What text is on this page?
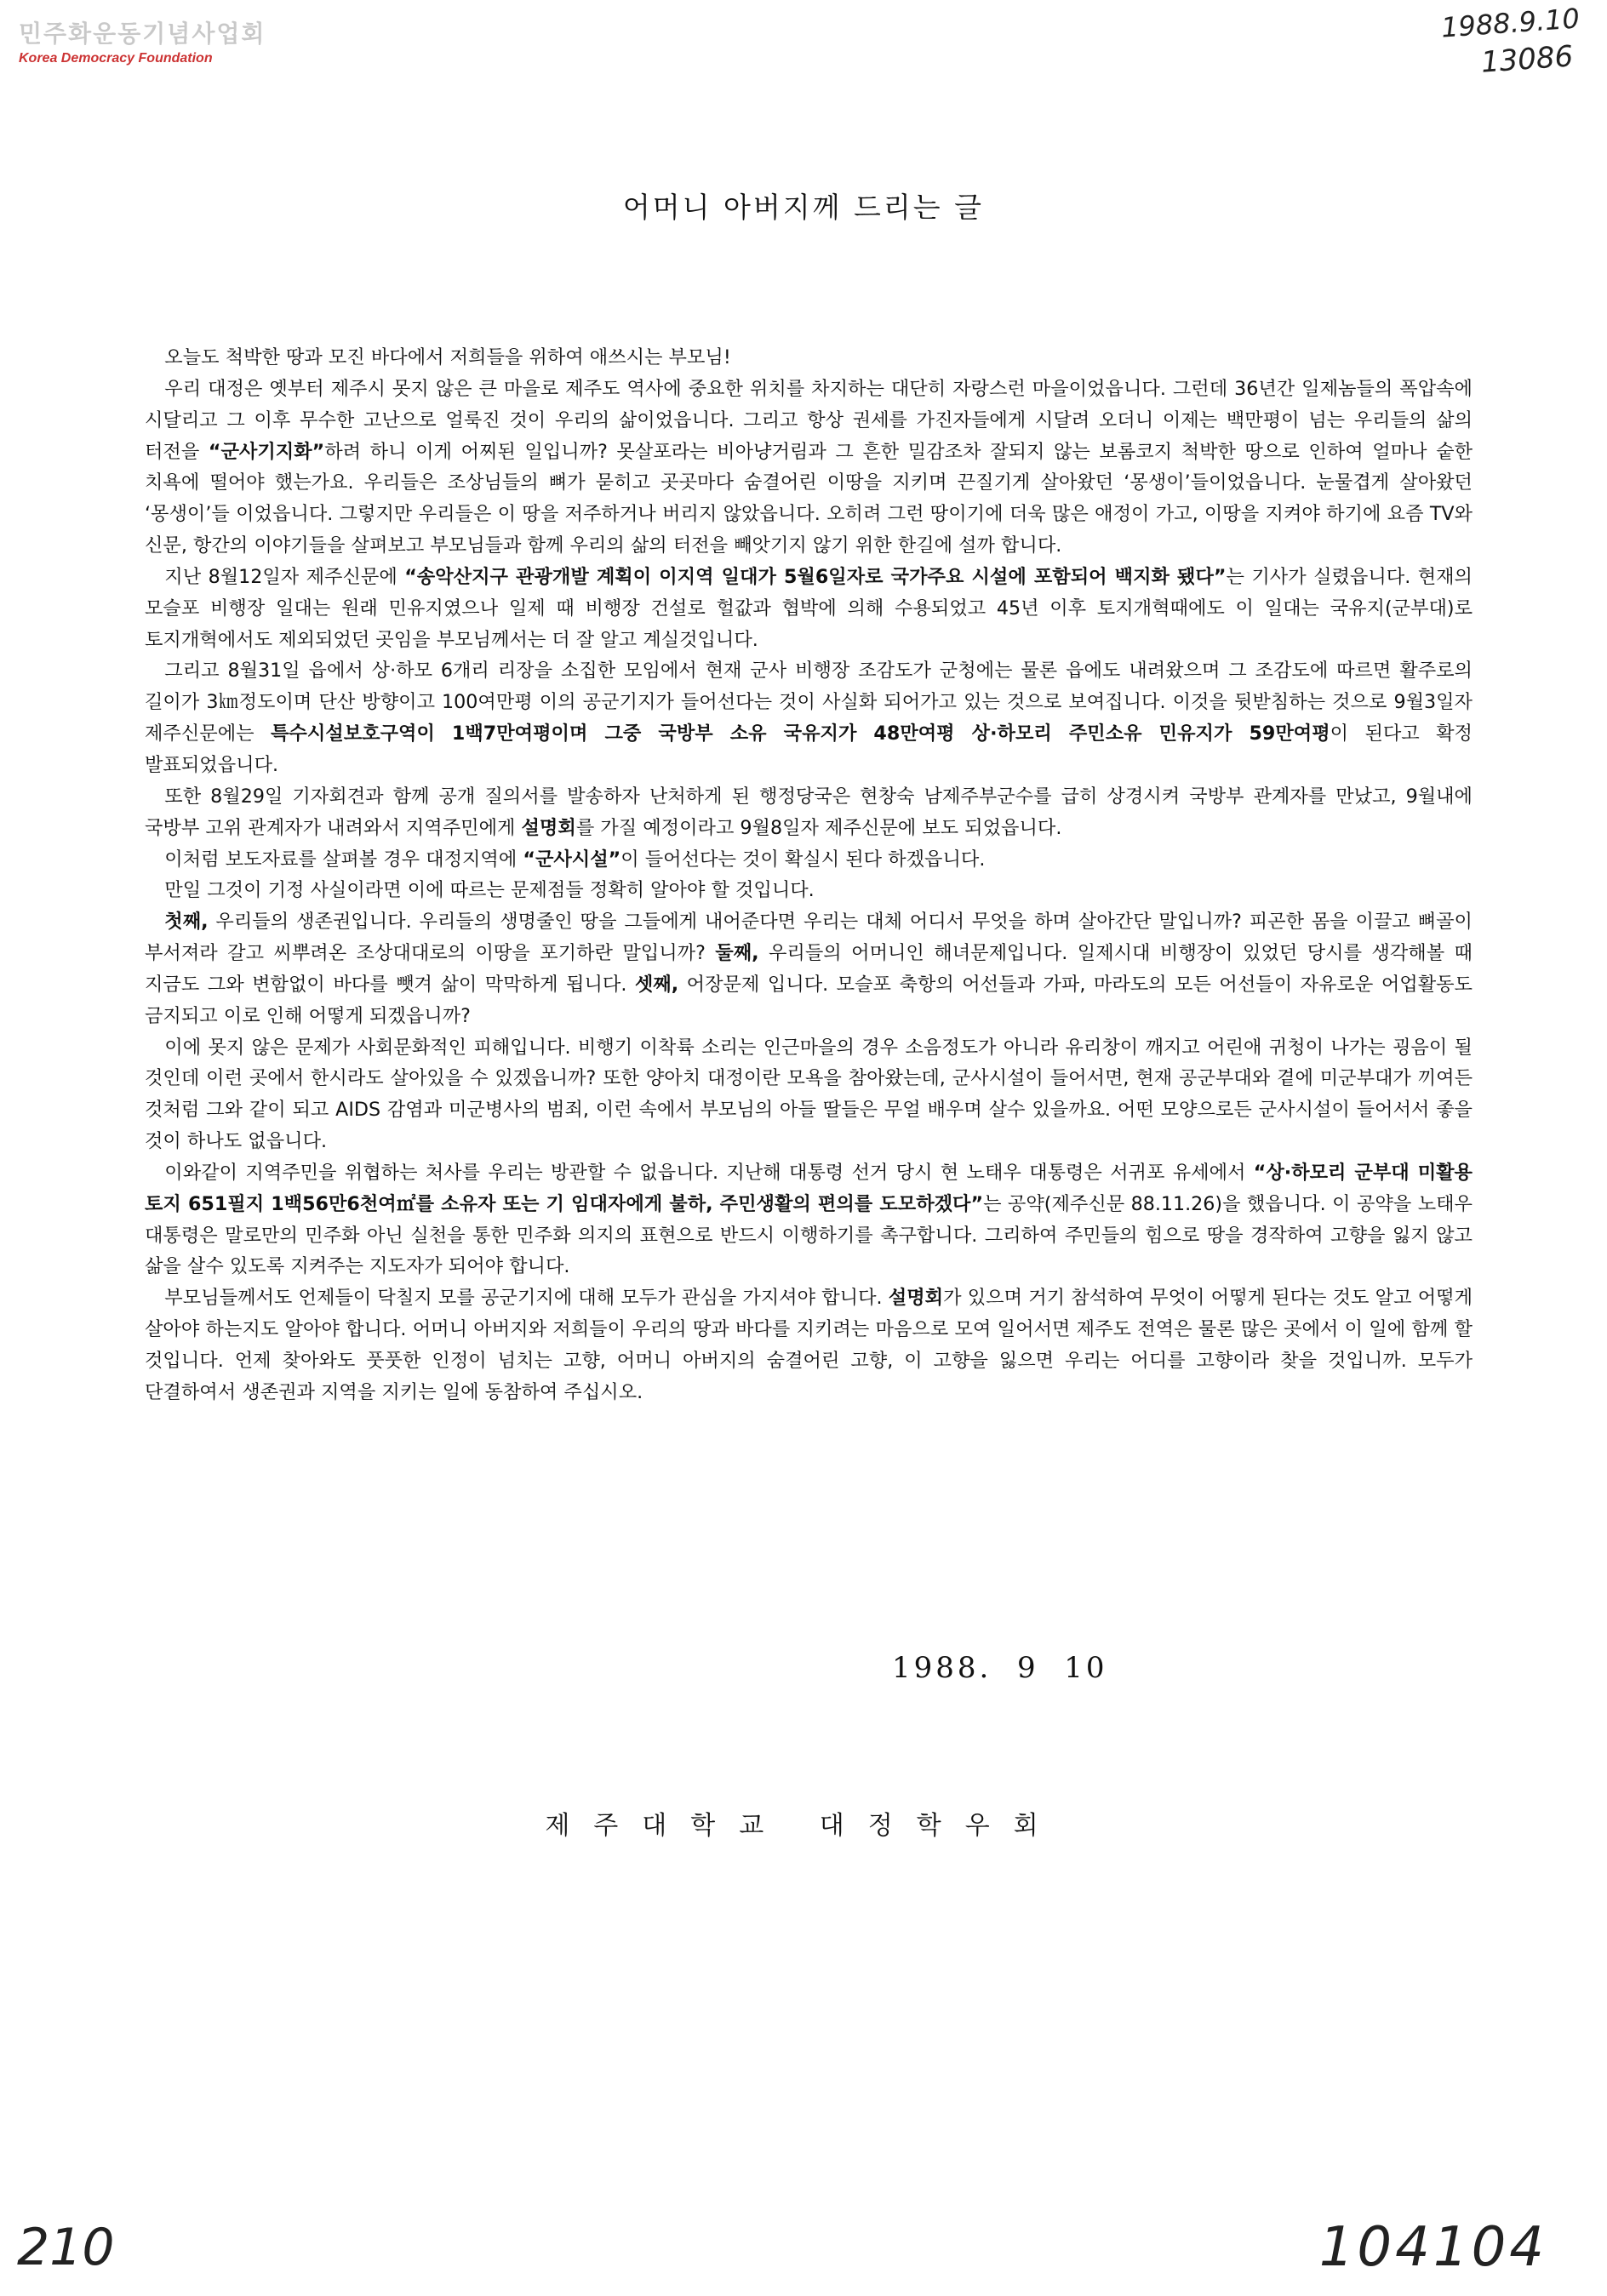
민주화운동기념사업회
Korea Democracy Foundation
1988.9.10
13086
어머니 아버지께 드리는 글

오늘도 척박한 땅과 모진 바다에서 저희들을 위하여 애쓰시는 부모님!

우리 대정은 옛부터 제주시 못지 않은 큰 마을로 제주도 역사에 중요한 위치를 차지하는 대단히 자랑스런 마을이었읍니다. 그런데 36년간 일제놈들의 폭압속에 시달리고 그 이후 무수한 고난으로 얼룩진 것이 우리의 삶이었읍니다. 그리고 항상 권세를 가진자들에게 시달려 오더니 이제는 백만평이 넘는 우리들의 삶의 터전을 “군사기지화”하려 하니 이게 어찌된 일입니까? 못살포라는 비아냥거림과 그 흔한 밀감조차 잘되지 않는 보롬코지 척박한 땅으로 인하여 얼마나 숱한 치욕에 떨어야 했는가요. 우리들은 조상님들의 뼈가 묻히고 곳곳마다 숨결어린 이땅을 지키며 끈질기게 살아왔던 ‘몽생이’들이었읍니다. 눈물겹게 살아왔던 ‘몽생이’들 이었읍니다. 그렇지만 우리들은 이 땅을 저주하거나 버리지 않았읍니다. 오히려 그런 땅이기에 더욱 많은 애정이 가고, 이땅을 지켜야 하기에 요즘 TV와 신문, 항간의 이야기들을 살펴보고 부모님들과 함께 우리의 삶의 터전을 빼앗기지 않기 위한 한길에 설까 합니다.

지난 8월12일자 제주신문에 “송악산지구 관광개발 계획이 이지역 일대가 5월6일자로 국가주요 시설에 포함되어 백지화 됐다”는 기사가 실렸읍니다. 현재의 모슬포 비행장 일대는 원래 민유지였으나 일제 때 비행장 건설로 헐값과 협박에 의해 수용되었고 45년 이후 토지개혁때에도 이 일대는 국유지(군부대)로 토지개혁에서도 제외되었던 곳임을 부모님께서는 더 잘 알고 계실것입니다.

그리고 8월31일 읍에서 상·하모 6개리 리장을 소집한 모임에서 현재 군사 비행장 조감도가 군청에는 물론 읍에도 내려왔으며 그 조감도에 따르면 활주로의 길이가 3㎞정도이며 단산 방향이고 100여만평 이의 공군기지가 들어선다는 것이 사실화 되어가고 있는 것으로 보여집니다. 이것을 뒷받침하는 것으로 9월3일자 제주신문에는 특수시설보호구역이 1백7만여평이며 그중 국방부 소유 국유지가 48만여평 상·하모리 주민소유 민유지가 59만여평이 된다고 확정 발표되었읍니다.

또한 8월29일 기자회견과 함께 공개 질의서를 발송하자 난처하게 된 행정당국은 현창숙 남제주부군수를 급히 상경시켜 국방부 관계자를 만났고, 9월내에 국방부 고위 관계자가 내려와서 지역주민에게 설명회를 가질 예정이라고 9월8일자 제주신문에 보도 되었읍니다.

이처럼 보도자료를 살펴볼 경우 대정지역에 “군사시설”이 들어선다는 것이 확실시 된다 하겠읍니다.

만일 그것이 기정 사실이라면 이에 따르는 문제점들 정확히 알아야 할 것입니다.

첫째, 우리들의 생존권입니다. 우리들의 생명줄인 땅을 그들에게 내어준다면 우리는 대체 어디서 무엇을 하며 살아간단 말입니까? 피곤한 몸을 이끌고 뼈골이 부서져라 갈고 씨뿌려온 조상대대로의 이땅을 포기하란 말입니까? 둘째, 우리들의 어머니인 해녀문제입니다. 일제시대 비행장이 있었던 당시를 생각해볼 때 지금도 그와 변함없이 바다를 뺏겨 삶이 막막하게 됩니다. 셋째, 어장문제 입니다. 모슬포 축항의 어선들과 가파, 마라도의 모든 어선들이 자유로운 어업활동도 금지되고 이로 인해 어떻게 되겠읍니까?

이에 못지 않은 문제가 사회문화적인 피해입니다. 비행기 이착륙 소리는 인근마을의 경우 소음정도가 아니라 유리창이 깨지고 어린애 귀청이 나가는 굉음이 될 것인데 이런 곳에서 한시라도 살아있을 수 있겠읍니까? 또한 양아치 대정이란 모욕을 참아왔는데, 군사시설이 들어서면, 현재 공군부대와 곁에 미군부대가 끼여든 것처럼 그와 같이 되고 AIDS 감염과 미군병사의 범죄, 이런 속에서 부모님의 아들 딸들은 무얼 배우며 살수 있을까요. 어떤 모양으로든 군사시설이 들어서서 좋을 것이 하나도 없읍니다.

이와같이 지역주민을 위협하는 처사를 우리는 방관할 수 없읍니다. 지난해 대통령 선거 당시 현 노태우 대통령은 서귀포 유세에서 “상·하모리 군부대 미활용 토지 651필지 1백56만6천여㎡를 소유자 또는 기 임대자에게 불하, 주민생활의 편의를 도모하겠다”는 공약(제주신문 88.11.26)을 했읍니다. 이 공약을 노태우 대통령은 말로만의 민주화 아닌 실천을 통한 민주화 의지의 표현으로 반드시 이행하기를 촉구합니다. 그리하여 주민들의 힘으로 땅을 경작하여 고향을 잃지 않고 삶을 살수 있도록 지켜주는 지도자가 되어야 합니다.

부모님들께서도 언제들이 닥칠지 모를 공군기지에 대해 모두가 관심을 가지셔야 합니다. 설명회가 있으며 거기 참석하여 무엇이 어떻게 된다는 것도 알고 어떻게 살아야 하는지도 알아야 합니다. 어머니 아버지와 저희들이 우리의 땅과 바다를 지키려는 마음으로 모여 일어서면 제주도 전역은 물론 많은 곳에서 이 일에 함께 할 것입니다. 언제 찾아와도 풋풋한 인정이 넘치는 고향, 어머니 아버지의 숨결어린 고향, 이 고향을 잃으면 우리는 어디를 고향이라 찾을 것입니까. 모두가 단결하여서 생존권과 지역을 지키는 일에 동참하여 주십시오.

1988.  9  10
제주대학교 대정학우회
210	104104
